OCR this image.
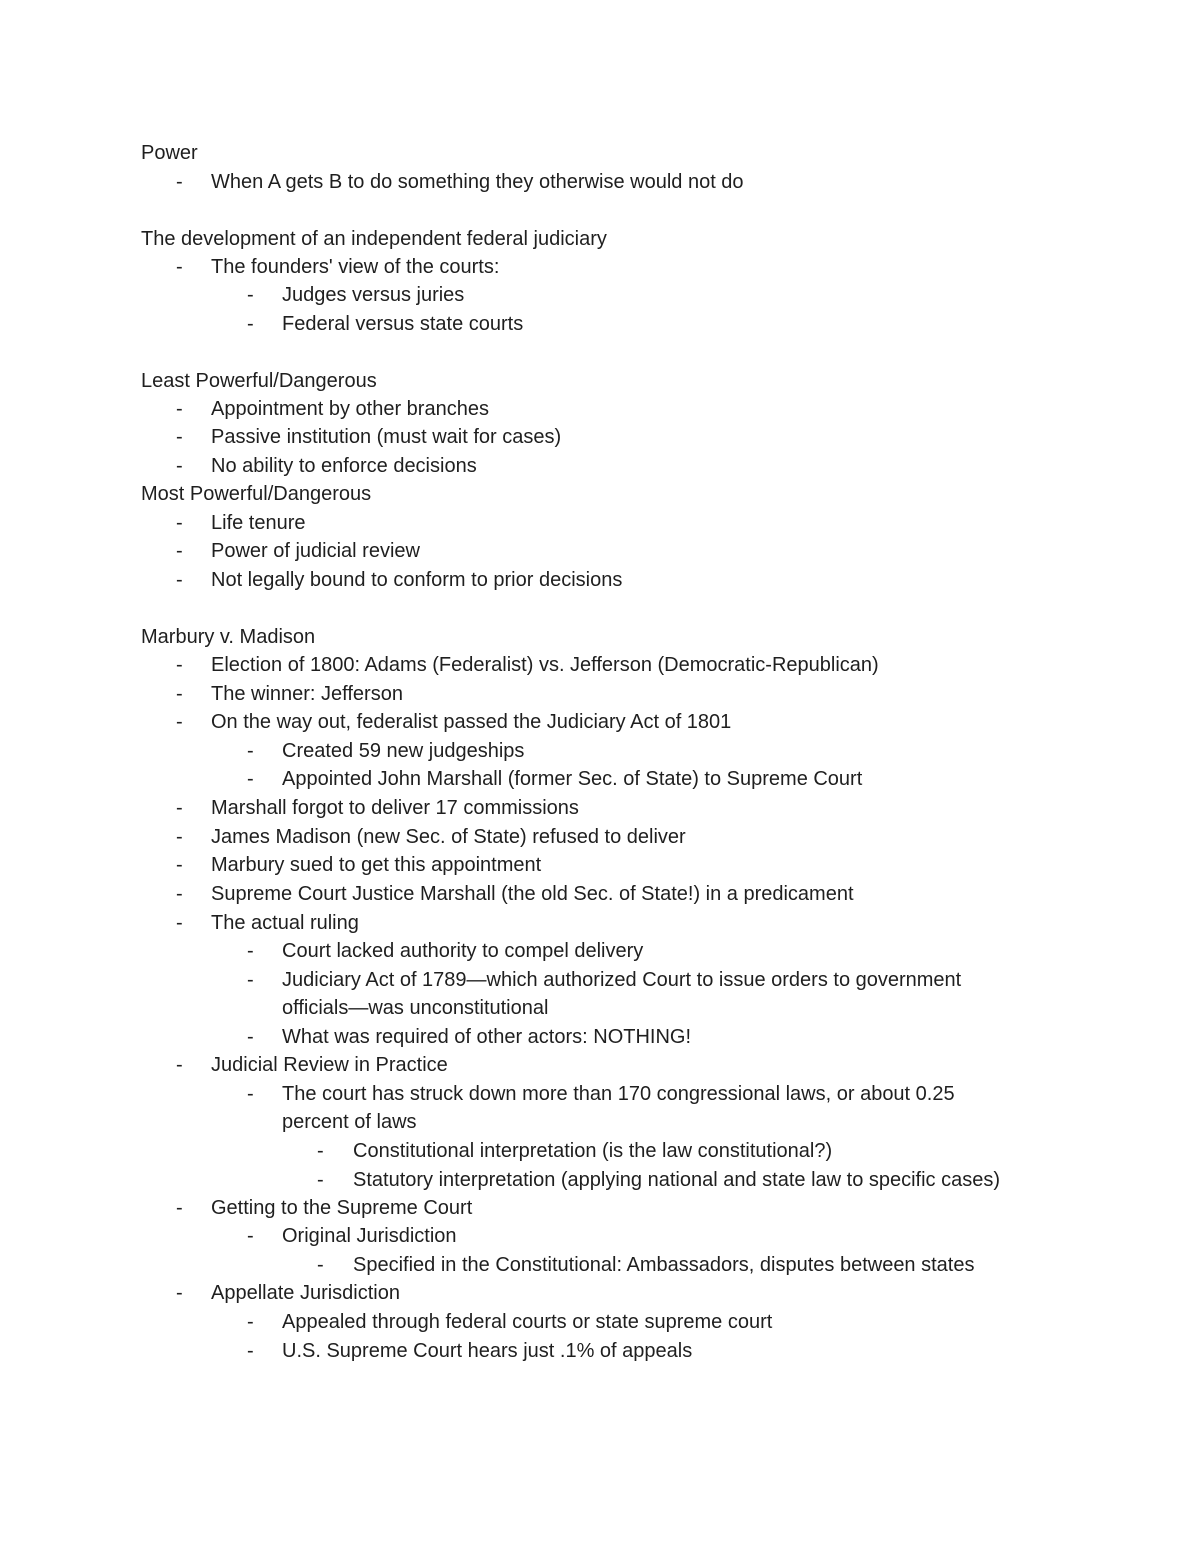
Power

- When A gets B to do something they otherwise would not do

The development of an independent federal judiciary

- The founders' view of the courts:

- Judges versus juries

- Federal versus state courts

Least Powerful/Dangerous

- Appointment by other branches

- Passive institution (must wait for cases)

- No ability to enforce decisions

Most Powerful/Dangerous

- Life tenure

- Power of judicial review

- Not legally bound to conform to prior decisions

Marbury v. Madison

- Election of 1800: Adams (Federalist) vs. Jefferson (Democratic-Republican)

- The winner: Jefferson

- On the way out, federalist passed the Judiciary Act of 1801

- Created 59 new judgeships

- Appointed John Marshall (former Sec. of State) to Supreme Court

- Marshall forgot to deliver 17 commissions

- James Madison (new Sec. of State) refused to deliver

- Marbury sued to get this appointment

- Supreme Court Justice Marshall (the old Sec. of State!) in a predicament

- The actual ruling

- Court lacked authority to compel delivery

- Judiciary Act of 1789—which authorized Court to issue orders to government

officials—was unconstitutional

- What was required of other actors: NOTHING!

- Judicial Review in Practice

- The court has struck down more than 170 congressional laws, or about 0.25

percent of laws

- Constitutional interpretation (is the law constitutional?)

- Statutory interpretation (applying national and state law to specific cases)

- Getting to the Supreme Court

- Original Jurisdiction

- Specified in the Constitutional: Ambassadors, disputes between states

- Appellate Jurisdiction

- Appealed through federal courts or state supreme court

- U.S. Supreme Court hears just .1% of appeals
